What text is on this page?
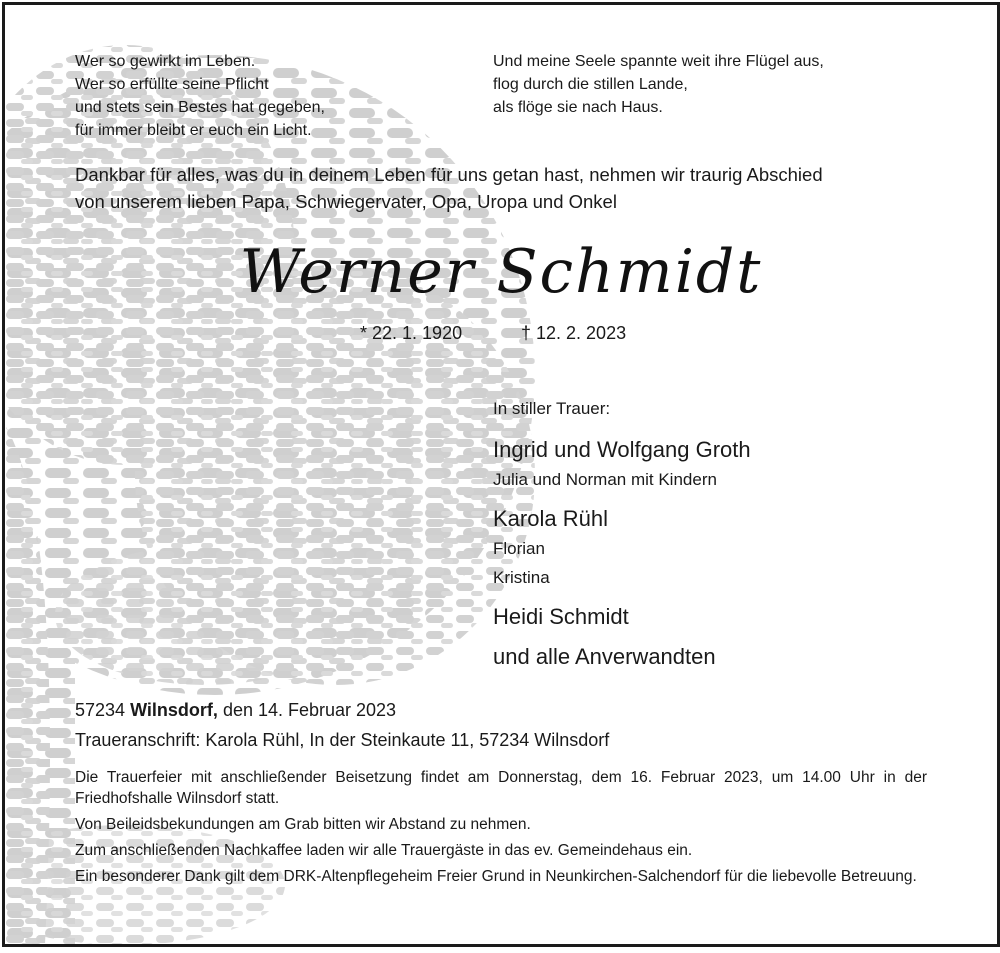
Wer so gewirkt im Leben.
Wer so erfüllte seine Pflicht
und stets sein Bestes hat gegeben,
für immer bleibt er euch ein Licht.
Und meine Seele spannte weit ihre Flügel aus,
flog durch die stillen Lande,
als flöge sie nach Haus.
Dankbar für alles, was du in deinem Leben für uns getan hast, nehmen wir traurig Abschied
von unserem lieben Papa, Schwiegervater, Opa, Uropa und Onkel
Werner Schmidt
* 22. 1. 1920	† 12. 2. 2023
In stiller Trauer:
Ingrid und Wolfgang Groth
Julia und Norman mit Kindern
Karola Rühl
Florian
Kristina
Heidi Schmidt
und alle Anverwandten
57234 Wilnsdorf, den 14. Februar 2023
Traueranschrift: Karola Rühl, In der Steinkaute 11, 57234 Wilnsdorf

Die Trauerfeier mit anschließender Beisetzung findet am Donnerstag, dem 16. Februar 2023, um 14.00 Uhr in der Friedhofshalle Wilnsdorf statt.

Von Beileidsbekundungen am Grab bitten wir Abstand zu nehmen.

Zum anschließenden Nachkaffee laden wir alle Trauergäste in das ev. Gemeindehaus ein.

Ein besonderer Dank gilt dem DRK-Altenpflegeheim Freier Grund in Neunkirchen-Salchendorf für die liebevolle Betreuung.
